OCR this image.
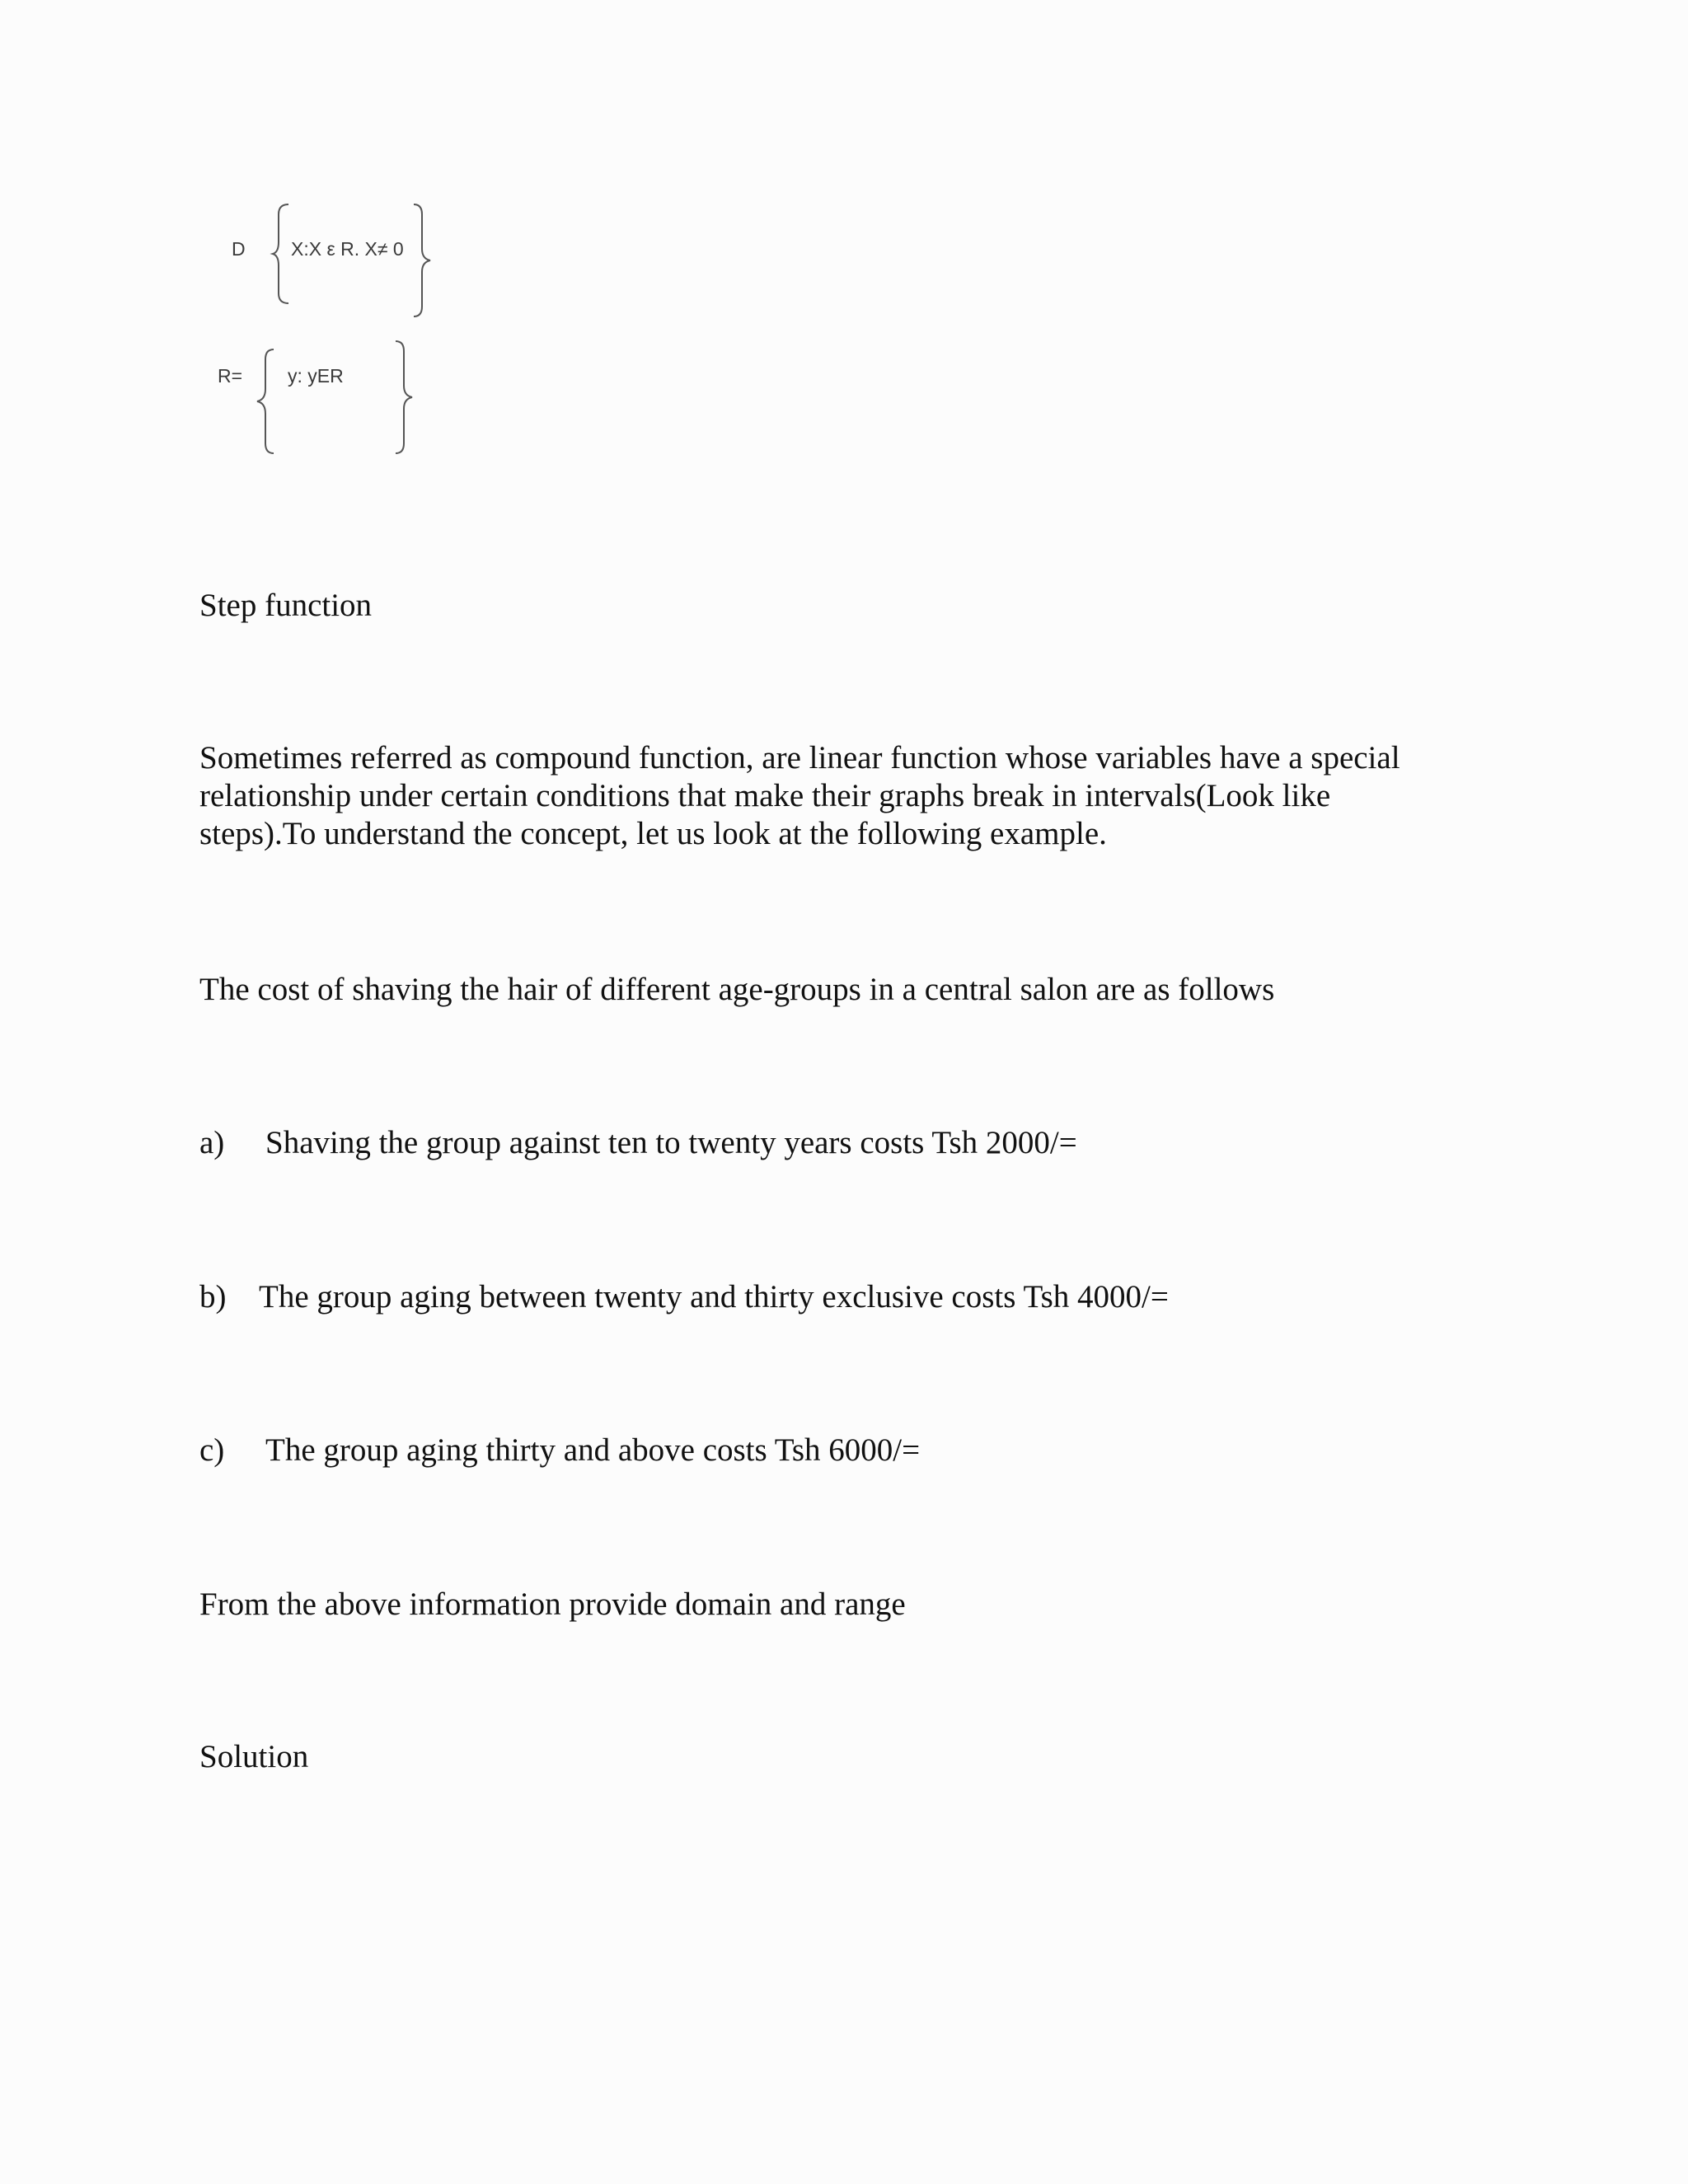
D X:X ε R. X≠ 0
R= y: yER
Step function
Sometimes referred as compound function, are linear function whose variables have a special
relationship under certain conditions that make their graphs break in intervals(Look like
steps).To understand the concept, let us look at the following example.
The cost of shaving the hair of different age-groups in a central salon are as follows
a) Shaving the group against ten to twenty years costs Tsh 2000/=
b) The group aging between twenty and thirty exclusive costs Tsh 4000/=
c) The group aging thirty and above costs Tsh 6000/=
From the above information provide domain and range
Solution
